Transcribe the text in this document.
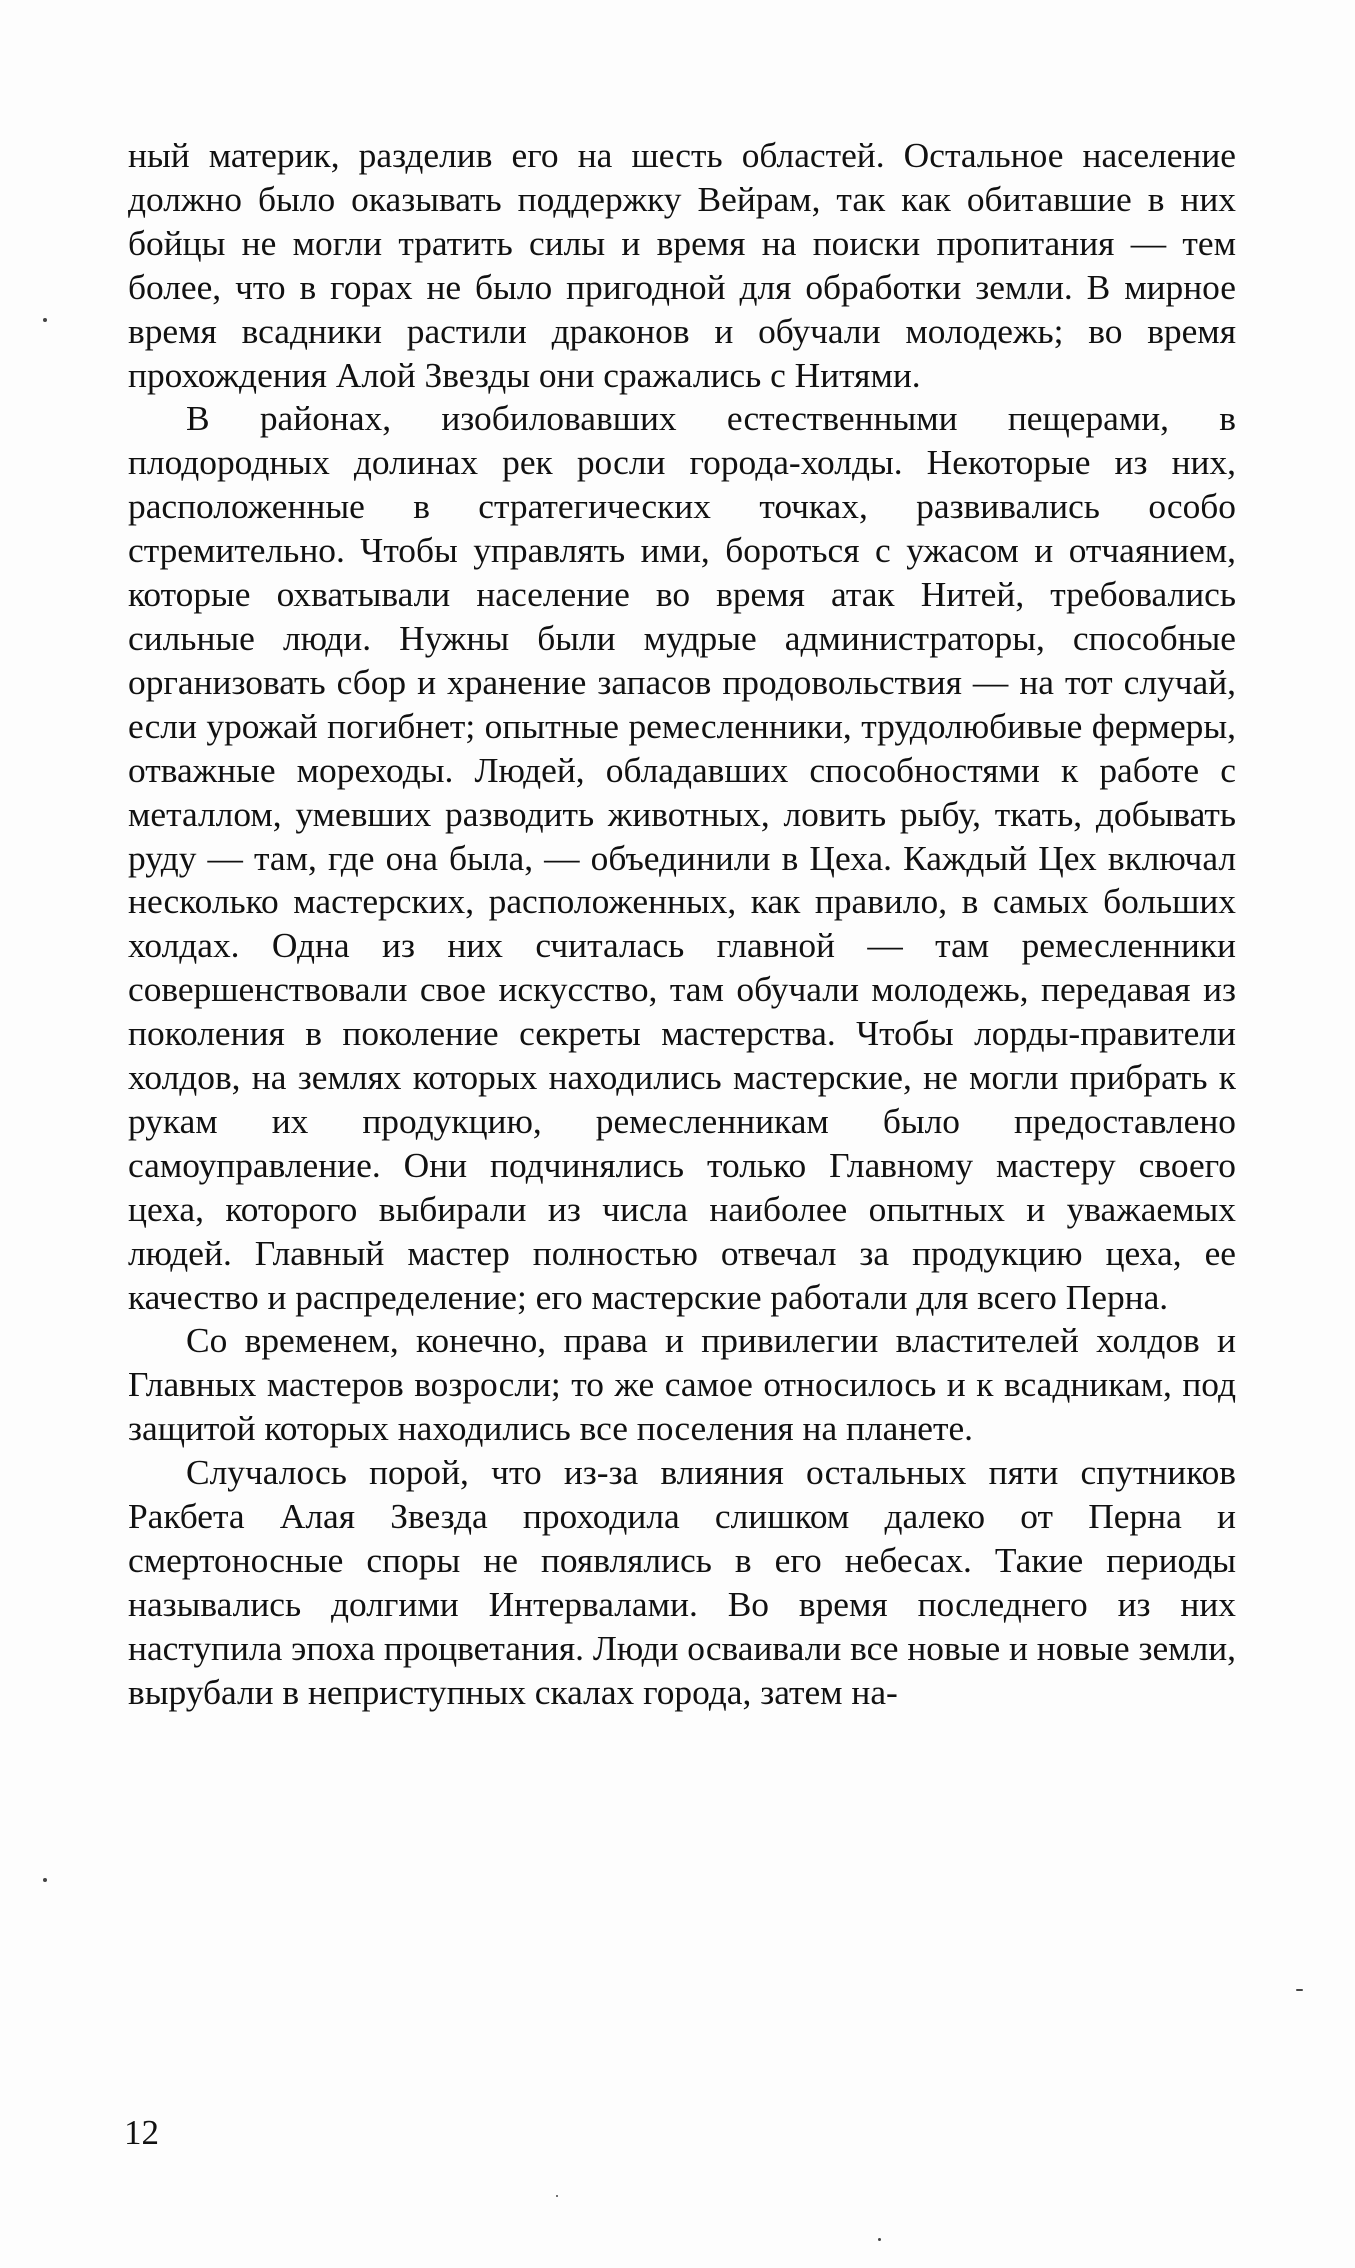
ный материк, разделив его на шесть областей. Остальное население должно было оказывать поддержку Вейрам, так как обитавшие в них бойцы не могли тратить силы и время на поиски пропитания — тем более, что в горах не было пригодной для обработки земли. В мирное время всадники растили драконов и обучали молодежь; во время прохождения Алой Звезды они сражались с Нитями.

В районах, изобиловавших естественными пещерами, в плодородных долинах рек росли города-холды. Некоторые из них, расположенные в стратегических точках, развивались особо стремительно. Чтобы управлять ими, бороться с ужасом и отчаянием, которые охватывали население во время атак Нитей, требовались сильные люди. Нужны были мудрые администраторы, способные организовать сбор и хранение запасов продовольствия — на тот случай, если урожай погибнет; опытные ремесленники, трудолюбивые фермеры, отважные мореходы. Людей, обладавших способностями к работе с металлом, умевших разводить животных, ловить рыбу, ткать, добывать руду — там, где она была, — объединили в Цеха. Каждый Цех включал несколько мастерских, расположенных, как правило, в самых больших холдах. Одна из них считалась главной — там ремесленники совершенствовали свое искусство, там обучали молодежь, передавая из поколения в поколение секреты мастерства. Чтобы лорды-правители холдов, на землях которых находились мастерские, не могли прибрать к рукам их продукцию, ремесленникам было предоставлено самоуправление. Они подчинялись только Главному мастеру своего цеха, которого выбирали из числа наиболее опытных и уважаемых людей. Главный мастер полностью отвечал за продукцию цеха, ее качество и распределение; его мастерские работали для всего Перна.

Со временем, конечно, права и привилегии властителей холдов и Главных мастеров возросли; то же самое относилось и к всадникам, под защитой которых находились все поселения на планете.

Случалось порой, что из-за влияния остальных пяти спутников Ракбета Алая Звезда проходила слишком далеко от Перна и смертоносные споры не появлялись в его небесах. Такие периоды назывались долгими Интервалами. Во время последнего из них наступила эпоха процветания. Люди осваивали все новые и новые земли, вырубали в неприступных скалах города, затем на-

12
